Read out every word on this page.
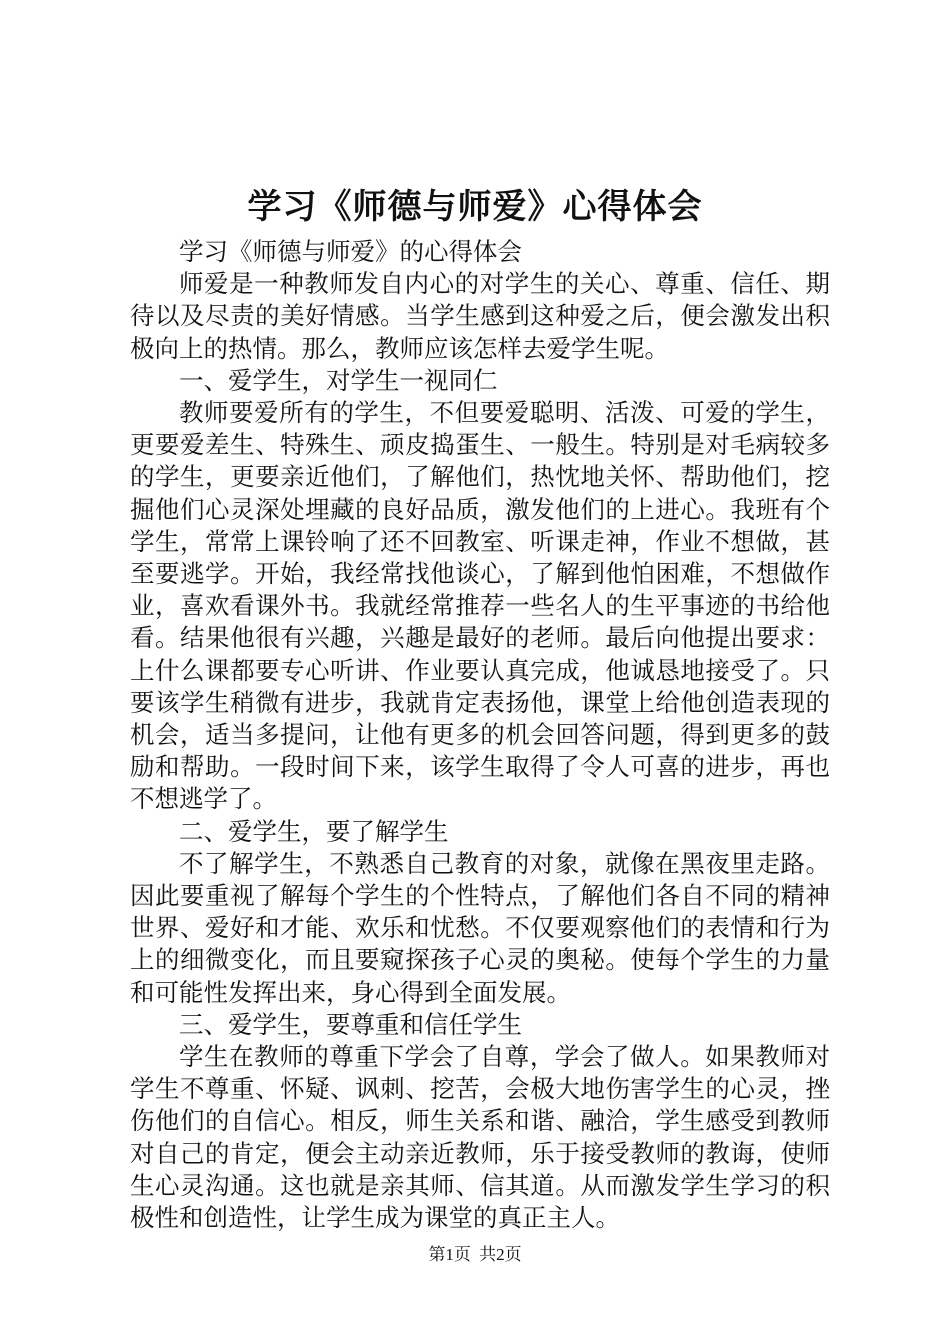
学习《师德与师爱》心得体会

学习《师德与师爱》的心得体会

师爱是一种教师发自内心的对学生的关心、尊重、信任、期待以及尽责的美好情感。当学生感到这种爱之后，便会激发出积极向上的热情。那么，教师应该怎样去爱学生呢。

一、爱学生，对学生一视同仁

教师要爱所有的学生，不但要爱聪明、活泼、可爱的学生，更要爱差生、特殊生、顽皮捣蛋生、一般生。特别是对毛病较多的学生，更要亲近他们，了解他们，热忱地关怀、帮助他们，挖掘他们心灵深处埋藏的良好品质，激发他们的上进心。我班有个学生，常常上课铃响了还不回教室、听课走神，作业不想做，甚至要逃学。开始，我经常找他谈心，了解到他怕困难，不想做作业，喜欢看课外书。我就经常推荐一些名人的生平事迹的书给他看。结果他很有兴趣，兴趣是最好的老师。最后向他提出要求：上什么课都要专心听讲、作业要认真完成，他诚恳地接受了。只要该学生稍微有进步，我就肯定表扬他，课堂上给他创造表现的机会，适当多提问，让他有更多的机会回答问题，得到更多的鼓励和帮助。一段时间下来，该学生取得了令人可喜的进步，再也不想逃学了。

二、爱学生，要了解学生

不了解学生，不熟悉自己教育的对象，就像在黑夜里走路。因此要重视了解每个学生的个性特点，了解他们各自不同的精神世界、爱好和才能、欢乐和忧愁。不仅要观察他们的表情和行为上的细微变化，而且要窥探孩子心灵的奥秘。使每个学生的力量和可能性发挥出来，身心得到全面发展。

三、爱学生，要尊重和信任学生

学生在教师的尊重下学会了自尊，学会了做人。如果教师对学生不尊重、怀疑、讽刺、挖苦，会极大地伤害学生的心灵，挫伤他们的自信心。相反，师生关系和谐、融洽，学生感受到教师对自己的肯定，便会主动亲近教师，乐于接受教师的教诲，使师生心灵沟通。这也就是亲其师、信其道。从而激发学生学习的积极性和创造性，让学生成为课堂的真正主人。

第1页 共2页
